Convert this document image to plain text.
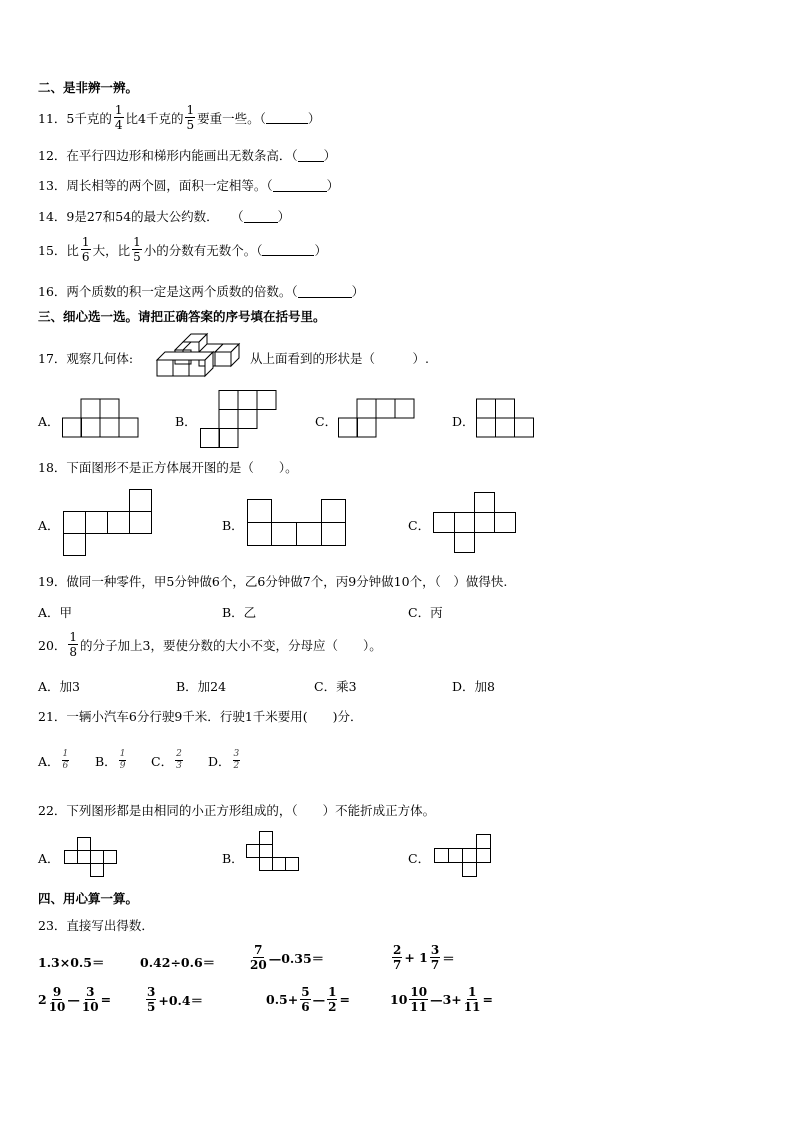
二、是非辨一辨。
11． 5千克的 $\frac{1}{4}$ 比4千克的 $\frac{1}{5}$ 要重一些。（	）
12． 在平行四边形和梯形内能画出无数条高．（ ）
13． 周长相等的两个圆，面积一定相等。（	）
14． 9是27和54的最大公约数．　　（	）
15． 比 $\frac{1}{6}$ 大，比 $\frac{1}{5}$ 小的分数有无数个。（	）
16． 两个质数的积一定是这两个质数的倍数。（	）
三、细心选一选。请把正确答案的序号填在括号里。
17． 观察几何体:	从上面看到的形状是（　　　）.
A．	B．	C．	D．
18． 下面图形不是正方体展开图的是（　　）。
A．	B．	C．
19． 做同一种零件，甲5分钟做6个，乙6分钟做7个，丙9分钟做10个，（　）做得快.
A．甲	B．乙	C．丙
20． $\frac{1}{8}$ 的分子加上3，要使分数的大小不变，分母应（　　）。
A．加3	B．加24	C．乘3	D．加8
21． 一辆小汽车6分行驶9千米．行驶1千米要用(　　)分．
A． $\frac{1}{6}$ B． $\frac{1}{9}$ C． $\frac{2}{3}$ D． $\frac{3}{2}$
22． 下列图形都是由相同的小正方形组成的，（　　）不能折成正方体。
A．	B．	C．
四、用心算一算。
23． 直接写出得数．
1.3×0.5＝	0.42÷0.6＝	$\frac{7}{20}$ —0.35＝	$\frac{2}{7} + 1 \frac{3}{7}$ ＝
$2 \frac{9}{10}$ — $\frac{3}{10}$ =	$\frac{3}{5} +0.4=$	$0.5+ \frac{5}{6}$ — $\frac{1}{2}$ =	$10 \frac{10}{11}$ —3+ $\frac{1}{11}$ =
